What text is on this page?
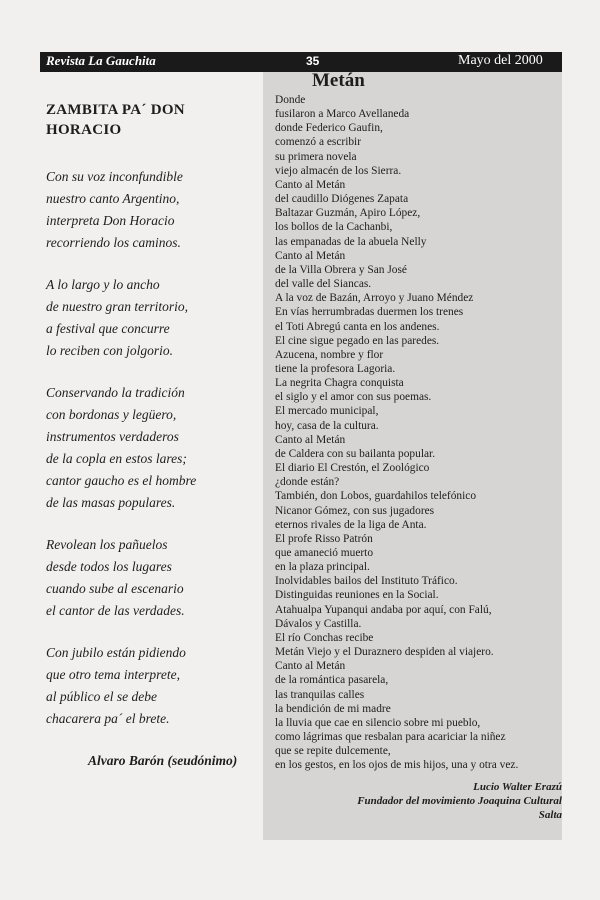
Revista La Gauchita	35	Mayo del 2000
ZAMBITA PA´ DON
HORACIO
Con su voz inconfundible
nuestro canto Argentino,
interpreta Don Horacio
recorriendo los caminos.
A lo largo y lo ancho
de nuestro gran territorio,
a festival que concurre
lo reciben con jolgorio.
Conservando la tradición
con bordonas y legüero,
instrumentos verdaderos
de la copla en estos lares;
cantor gaucho es el hombre
de las masas populares.
Revolean los pañuelos
desde todos los lugares
cuando sube al escenario
el cantor de las verdades.
Con jubilo están pidiendo
que otro tema interprete,
al público el se debe
chacarera pa´ el brete.
Alvaro Barón (seudónimo)
Metán
Donde
fusilaron a Marco Avellaneda
donde Federico Gaufin,
comenzó a escribir
su primera novela
viejo almacén de los Sierra.
Canto al Metán
del caudillo Diógenes Zapata
Baltazar Guzmán, Apiro López,
los bollos de la Cachanbi,
las empanadas de la abuela Nelly
Canto al Metán
de la Villa Obrera y San José
del valle del Siancas.
A la voz de Bazán, Arroyo y Juano Méndez
En vías herrumbradas duermen los trenes
el Toti Abregú canta en los andenes.
El cine sigue pegado en las paredes.
Azucena, nombre y flor
tiene la profesora Lagoria.
La negrita Chagra conquista
el siglo y el amor con sus poemas.
El mercado municipal,
hoy, casa de la cultura.
Canto al Metán
de Caldera con su bailanta popular.
El diario El Crestón, el Zoológico
¿donde están?
También, don Lobos, guardahilos telefónico
Nicanor Gómez, con sus jugadores
eternos rivales de la liga de Anta.
El profe Risso Patrón
que amaneció muerto
en la plaza principal.
Inolvidables bailos del Instituto Tráfico.
Distinguidas reuniones en la Social.
Atahualpa Yupanqui andaba por aquí, con Falú,
Dávalos y Castilla.
El río Conchas recibe
Metán Viejo y el Duraznero despiden al viajero.
Canto al Metán
de la romántica pasarela,
las tranquilas calles
la bendición de mi madre
la lluvia que cae en silencio sobre mi pueblo,
como lágrimas que resbalan para acariciar la niñez
que se repite dulcemente,
en los gestos, en los ojos de mis hijos, una y otra vez.
Lucio Walter Erazú
Fundador del movimiento Joaquina Cultural
Salta
